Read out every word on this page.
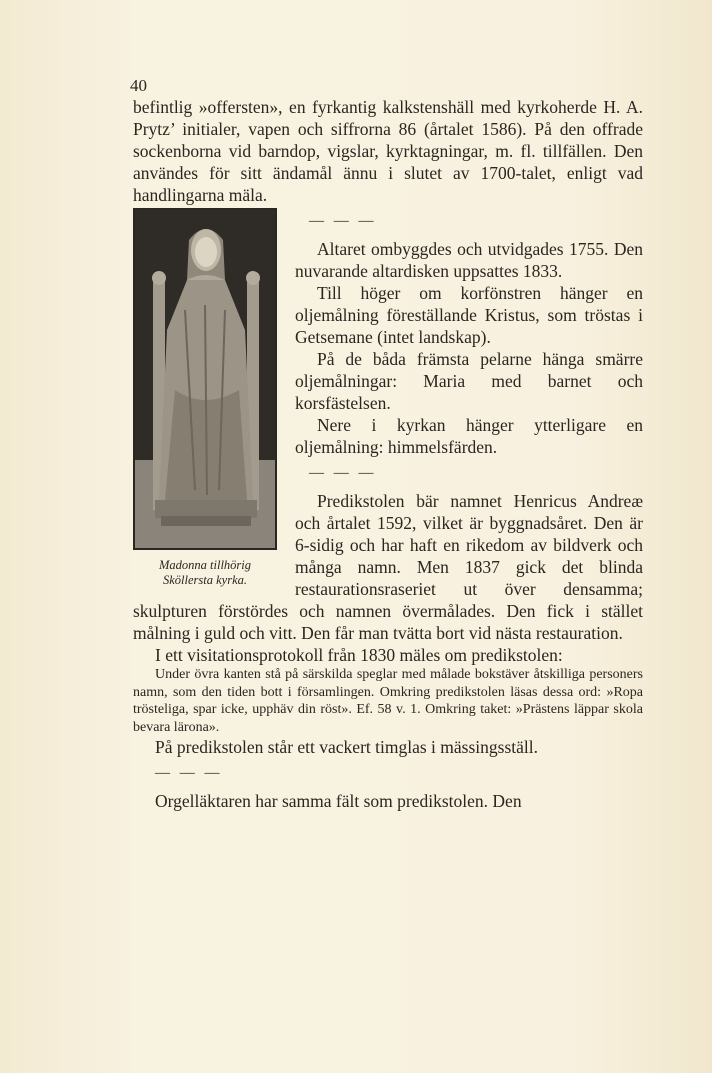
40

befintlig »offersten», en fyrkantig kalkstenshäll med kyrkoherde H. A. Prytz’ initialer, vapen och siffrorna 86 (årtalet 1586). På den offrade sockenborna vid barndop, vigslar, kyrktagningar, m. fl. tillfällen. Den användes för sitt ändamål ännu i slutet av 1700-talet, enligt vad handlingarna mäla.

Madonna tillhörig
Sköllersta kyrka.
— — —

Altaret ombyggdes och utvidgades 1755. Den nuvarande altardisken uppsattes 1833.

Till höger om korfönstren hänger en oljemålning föreställande Kristus, som tröstas i Getsemane (intet landskap).

På de båda främsta pelarne hänga smärre oljemålningar: Maria med barnet och korsfästelsen.

Nere i kyrkan hänger ytterligare en oljemålning: himmelsfärden.

— — —

Predikstolen bär namnet Henricus Andreæ och årtalet 1592, vilket är byggnadsåret. Den är 6-sidig och har haft en rikedom av bildverk och många namn. Men 1837 gick det blinda restaurationsraseriet ut över densamma; skulpturen förstördes och namnen övermålades. Den fick i stället målning i guld och vitt. Den får man tvätta bort vid nästa restauration.

I ett visitationsprotokoll från 1830 mäles om predikstolen:

Under övra kanten stå på särskilda speglar med målade bokstäver åtskilliga personers namn, som den tiden bott i församlingen. Omkring predikstolen läsas dessa ord: »Ropa trösteliga, spar icke, upphäv din röst». Ef. 58 v. 1. Omkring taket: »Prästens läppar skola bevara lärona».

På predikstolen står ett vackert timglas i mässingsställ.

— — —

Orgelläktaren har samma fält som predikstolen. Den
